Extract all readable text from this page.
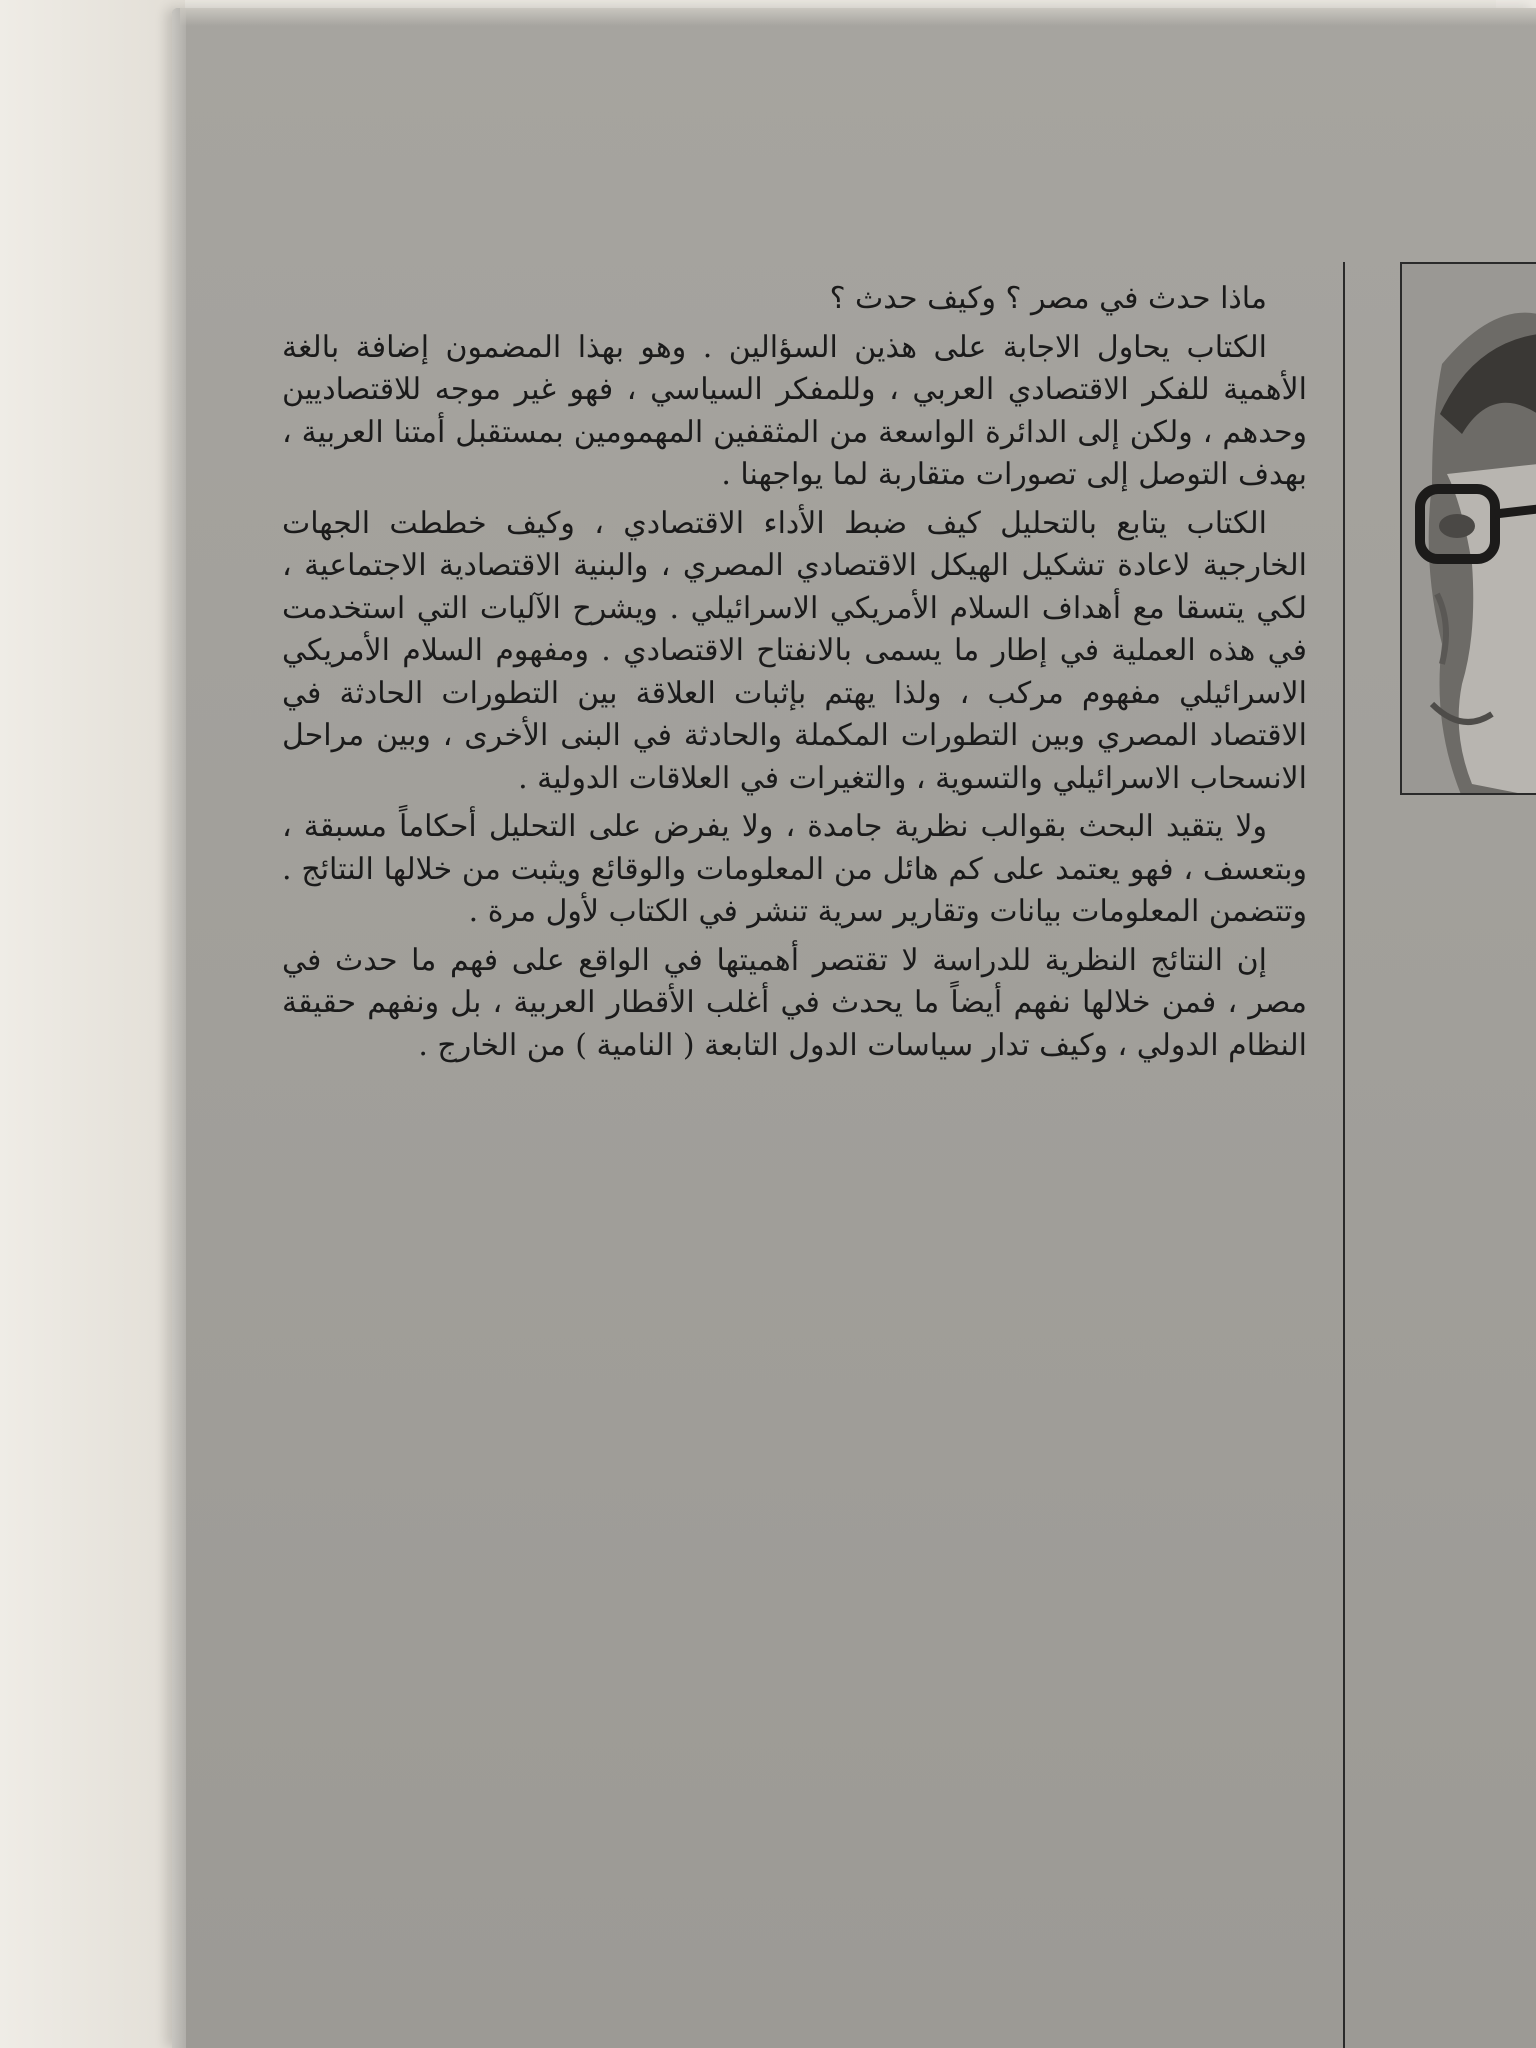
ماذا حدث في مصر ؟ وكيف حدث ؟

الكتاب يحاول الاجابة على هذين السؤالين . وهو بهذا المضمون إضافة بالغة الأهمية للفكر الاقتصادي العربي ، وللمفكر السياسي ، فهو غير موجه للاقتصاديين وحدهم ، ولكن إلى الدائرة الواسعة من المثقفين المهمومين بمستقبل أمتنا العربية ، بهدف التوصل إلى تصورات متقاربة لما يواجهنا .

الكتاب يتابع بالتحليل كيف ضبط الأداء الاقتصادي ، وكيف خططت الجهات الخارجية لاعادة تشكيل الهيكل الاقتصادي المصري ، والبنية الاقتصادية الاجتماعية ، لكي يتسقا مع أهداف السلام الأمريكي الاسرائيلي . ويشرح الآليات التي استخدمت في هذه العملية في إطار ما يسمى بالانفتاح الاقتصادي . ومفهوم السلام الأمريكي الاسرائيلي مفهوم مركب ، ولذا يهتم بإثبات العلاقة بين التطورات الحادثة في الاقتصاد المصري وبين التطورات المكملة والحادثة في البنى الأخرى ، وبين مراحل الانسحاب الاسرائيلي والتسوية ، والتغيرات في العلاقات الدولية .

ولا يتقيد البحث بقوالب نظرية جامدة ، ولا يفرض على التحليل أحكاماً مسبقة ، وبتعسف ، فهو يعتمد على كم هائل من المعلومات والوقائع ويثبت من خلالها النتائج . وتتضمن المعلومات بيانات وتقارير سرية تنشر في الكتاب لأول مرة .

إن النتائج النظرية للدراسة لا تقتصر أهميتها في الواقع على فهم ما حدث في مصر ، فمن خلالها نفهم أيضاً ما يحدث في أغلب الأقطار العربية ، بل ونفهم حقيقة النظام الدولي ، وكيف تدار سياسات الدول التابعة ( النامية ) من الخارج .
